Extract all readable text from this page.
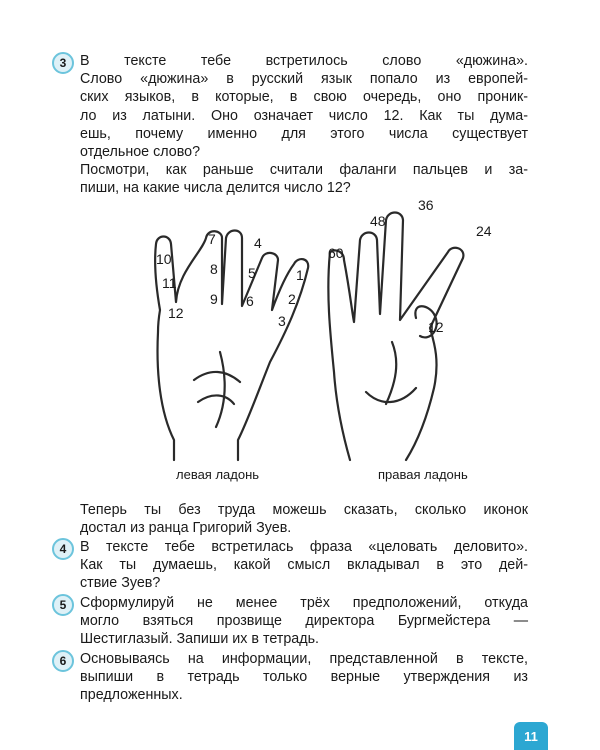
3 В тексте тебе встретилось слово «дюжина».
Слово «дюжина» в русский язык попало из европей-
ских языков, в которые, в свою очередь, оно проник-
ло из латыни. Оно означает число 12. Как ты дума-
ешь, почему именно для этого числа существует
отдельное слово?
Посмотри, как раньше считали фаланги пальцев и за-
пиши, на какие числа делится число 12?
7	4
10
8 5	1
11
9 6 2
12	3
36
48
24
60
12
левая ладонь	правая ладонь
Теперь ты без труда можешь сказать, сколько иконок
достал из ранца Григорий Зуев.
4 В тексте тебе встретилась фраза «целовать деловито».
Как ты думаешь, какой смысл вкладывал в это дей-
ствие Зуев?
5 Сформулируй не менее трёх предположений, откуда
могло взяться прозвище директора Бургмейстера —
Шестиглазый. Запиши их в тетрадь.
6 Основываясь на информации, представленной в тексте,
выпиши в тетрадь только верные утверждения из
предложенных.
11
